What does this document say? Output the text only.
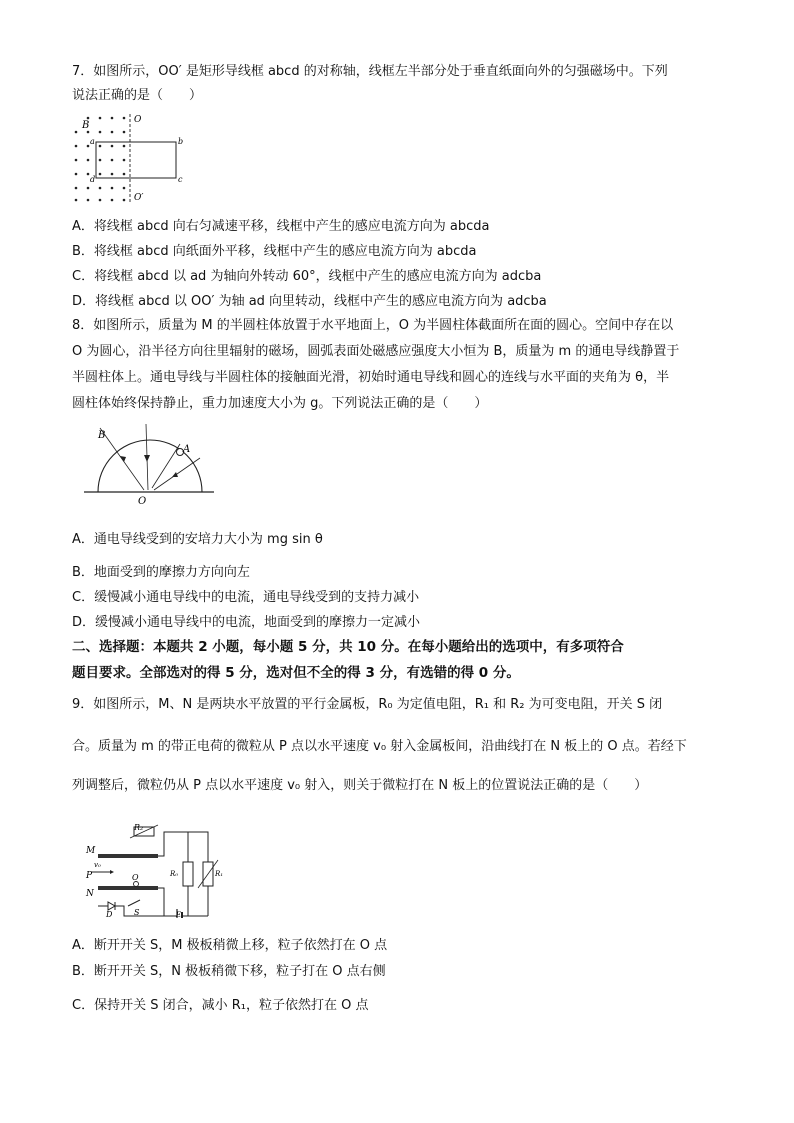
7．如图所示，OO′ 是矩形导线框 abcd 的对称轴，线框左半部分处于垂直纸面向外的匀强磁场中。下列
说法正确的是（　　）
B	O
a	b
c
d
O′
A．将线框 abcd 向右匀减速平移，线框中产生的感应电流方向为 abcda
B．将线框 abcd 向纸面外平移，线框中产生的感应电流方向为 abcda
C．将线框 abcd 以 ad 为轴向外转动 60°，线框中产生的感应电流方向为 adcba
D．将线框 abcd 以 OO′ 为轴 ad 向里转动，线框中产生的感应电流方向为 adcba
8．如图所示，质量为 M 的半圆柱体放置于水平地面上，O 为半圆柱体截面所在面的圆心。空间中存在以
O 为圆心，沿半径方向往里辐射的磁场，圆弧表面处磁感应强度大小恒为 B，质量为 m 的通电导线静置于
半圆柱体上。通电导线与半圆柱体的接触面光滑，初始时通电导线和圆心的连线与水平面的夹角为 θ，半
圆柱体始终保持静止，重力加速度大小为 g。下列说法正确的是（　　）
B
A
O
A．通电导线受到的安培力大小为 mg sin θ
B．地面受到的摩擦力方向向左
C．缓慢减小通电导线中的电流，通电导线受到的支持力减小
D．缓慢减小通电导线中的电流，地面受到的摩擦力一定减小
二、选择题：本题共 2 小题，每小题 5 分，共 10 分。在每小题给出的选项中，有多项符合
题目要求。全部选对的得 5 分，选对但不全的得 3 分，有选错的得 0 分。
9．如图所示，M、N 是两块水平放置的平行金属板，R₀ 为定值电阻，R₁ 和 R₂ 为可变电阻，开关 S 闭
合。质量为 m 的带正电荷的微粒从 P 点以水平速度 v₀ 射入金属板间，沿曲线打在 N 板上的 O 点。若经下
列调整后，微粒仍从 P 点以水平速度 v₀ 射入，则关于微粒打在 N 板上的位置说法正确的是（　　）
R₂
M
v₀
P	O
N
R₀	R₁
D	S	E
A．断开开关 S，M 极板稍微上移，粒子依然打在 O 点
B．断开开关 S，N 极板稍微下移，粒子打在 O 点右侧
C．保持开关 S 闭合，减小 R₁，粒子依然打在 O 点
